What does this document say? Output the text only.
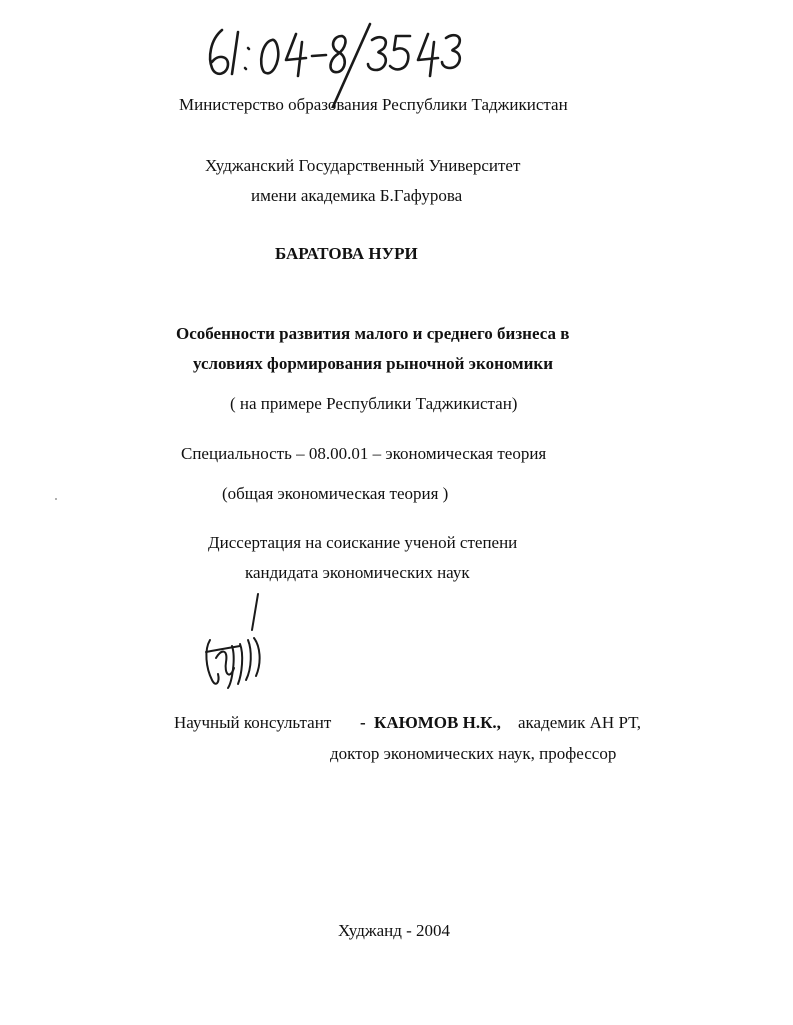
Министерство образования Республики Таджикистан
Худжанский Государственный Университет
имени академика Б.Гафурова
БАРАТОВА НУРИ
Особенности развития малого и среднего бизнеса в
условиях формирования рыночной экономики
( на примере Республики Таджикистан)
Специальность – 08.00.01 – экономическая теория
(общая экономическая теория )
Диссертация на соискание ученой степени
кандидата экономических наук
Научный консультант - КАЮМОВ Н.К., академик АН РТ,
доктор экономических наук, профессор
Худжанд - 2004
